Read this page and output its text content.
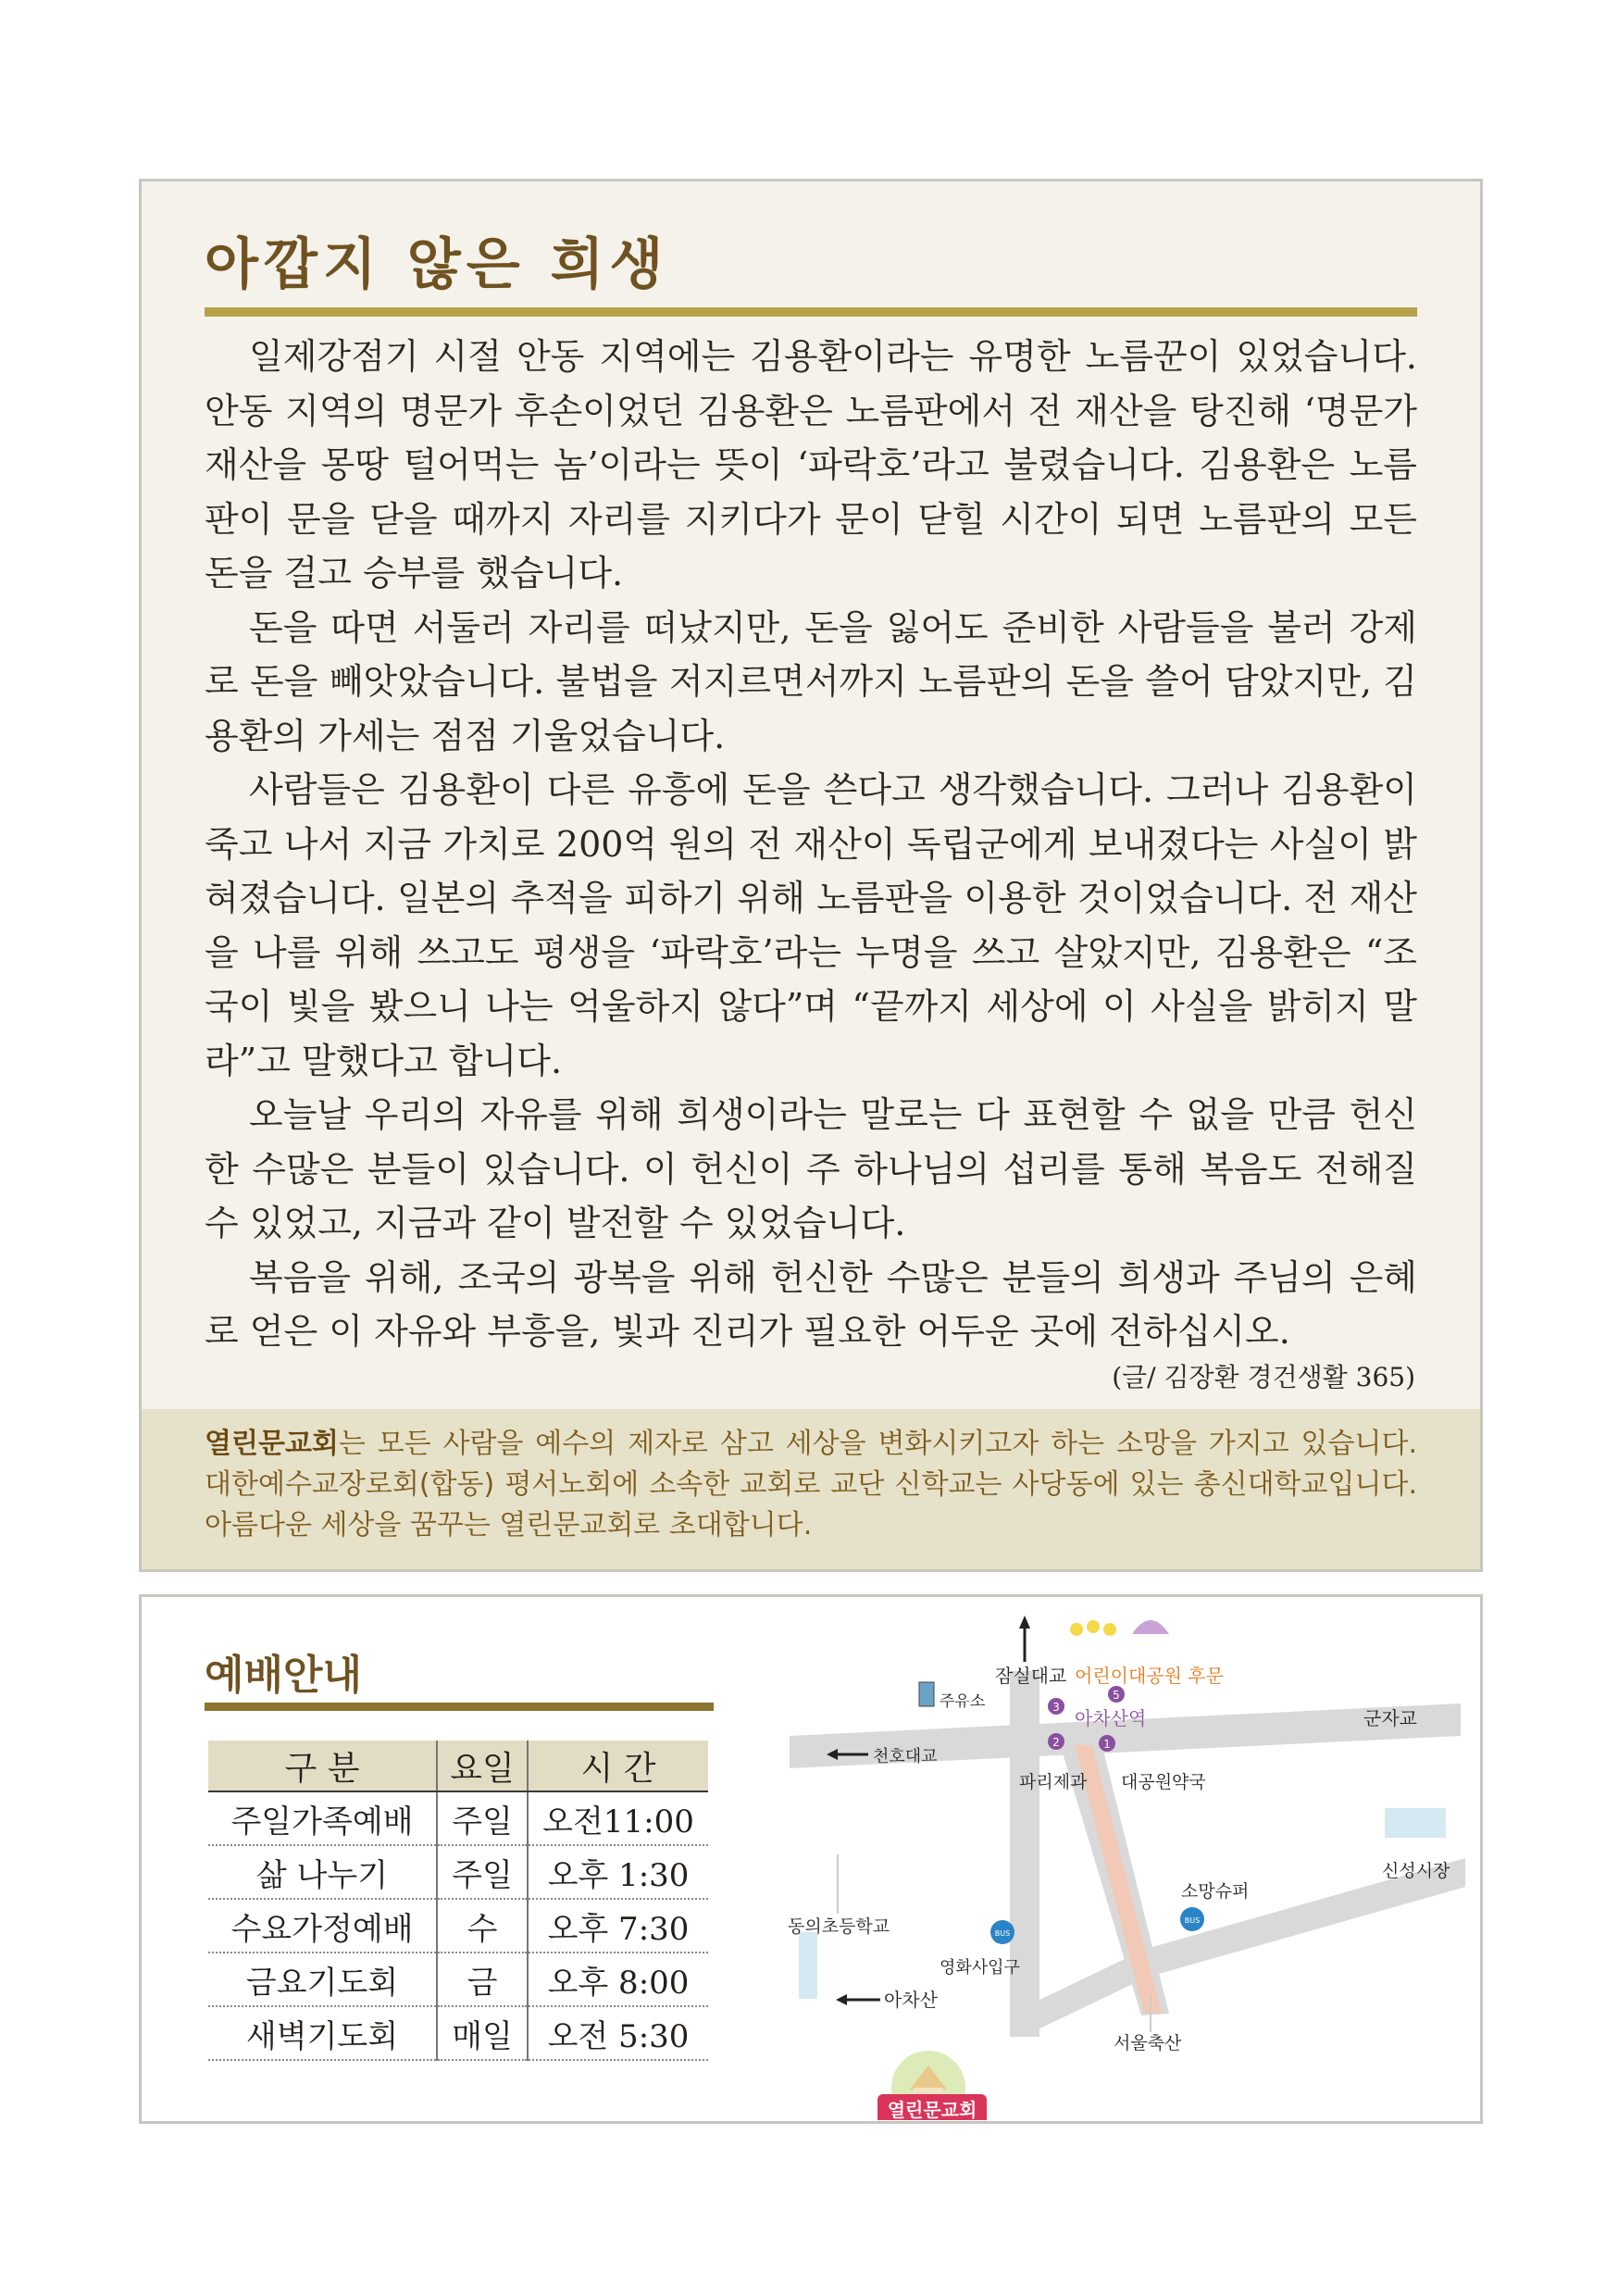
아깝지 않은 희생

일제강점기 시절 안동 지역에는 김용환이라는 유명한 노름꾼이 있었습니다. 안동 지역의 명문가 후손이었던 김용환은 노름판에서 전 재산을 탕진해 ‘명문가 재산을 몽땅 털어먹는 놈’이라는 뜻이 ‘파락호’라고 불렸습니다. 김용환은 노름판이 문을 닫을 때까지 자리를 지키다가 문이 닫힐 시간이 되면 노름판의 모든 돈을 걸고 승부를 했습니다.

돈을 따면 서둘러 자리를 떠났지만, 돈을 잃어도 준비한 사람들을 불러 강제로 돈을 빼앗았습니다. 불법을 저지르면서까지 노름판의 돈을 쓸어 담았지만, 김용환의 가세는 점점 기울었습니다.

사람들은 김용환이 다른 유흥에 돈을 쓴다고 생각했습니다. 그러나 김용환이 죽고 나서 지금 가치로 200억 원의 전 재산이 독립군에게 보내졌다는 사실이 밝혀졌습니다. 일본의 추적을 피하기 위해 노름판을 이용한 것이었습니다. 전 재산을 나를 위해 쓰고도 평생을 ‘파락호’라는 누명을 쓰고 살았지만, 김용환은 “조국이 빛을 봤으니 나는 억울하지 않다”며 “끝까지 세상에 이 사실을 밝히지 말라”고 말했다고 합니다.

오늘날 우리의 자유를 위해 희생이라는 말로는 다 표현할 수 없을 만큼 헌신한 수많은 분들이 있습니다. 이 헌신이 주 하나님의 섭리를 통해 복음도 전해질 수 있었고, 지금과 같이 발전할 수 있었습니다.

복음을 위해, 조국의 광복을 위해 헌신한 수많은 분들의 희생과 주님의 은혜로 얻은 이 자유와 부흥을, 빛과 진리가 필요한 어두운 곳에 전하십시오.

(글/ 김장환 경건생활 365)

열린문교회는 모든 사람을 예수의 제자로 삼고 세상을 변화시키고자 하는 소망을 가지고 있습니다. 대한예수교장로회(합동) 평서노회에 소속한 교회로 교단 신학교는 사당동에 있는 총신대학교입니다. 아름다운 세상을 꿈꾸는 열린문교회로 초대합니다.

예배안내
구 분	요일	시 간
주일가족예배	주일	오전11:00
삶 나누기	주일	오후 1:30
수요가정예배	수	오후 7:30
금요기도회	금	오후 8:00
새벽기도회	매일	오전 5:30
열린문교회
3
2
5
1
BUS
BUS
잠실대교 어린이대공원 후문
주유소
군자교
천호대교
아차산역
파리제과 대공원약국
동의초등학교
소망슈퍼
신성시장
영화사입구
아차산
서울축산
